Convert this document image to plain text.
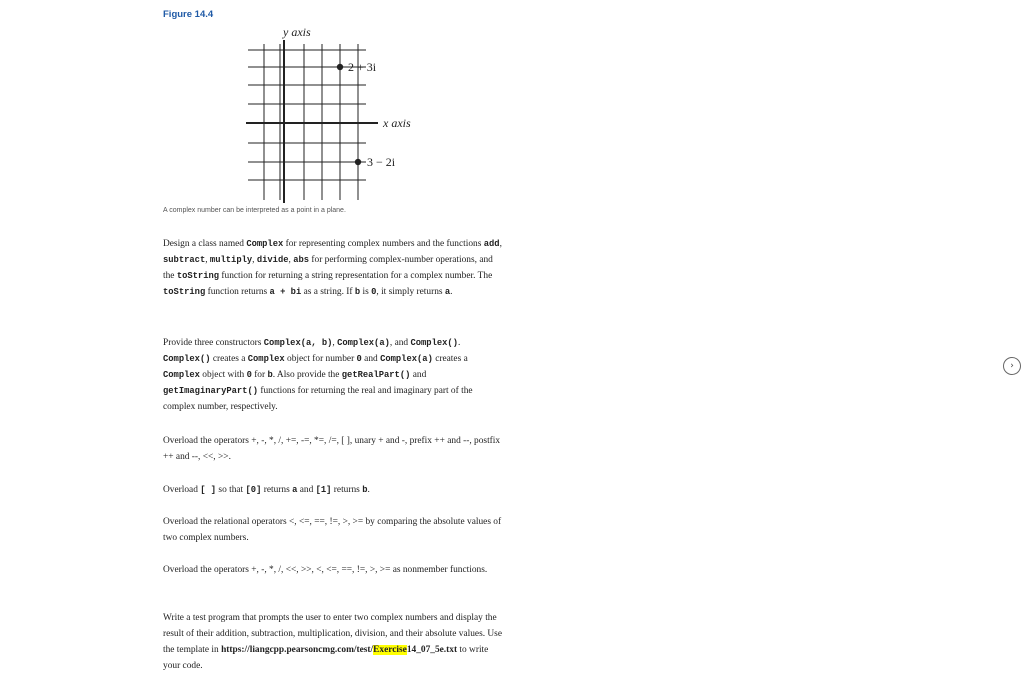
Figure 14.4
y axis
x axis
2 + 3i
3 − 2i
A complex number can be interpreted as a point in a plane.

Design a class named Complex for representing complex numbers and the functions add, subtract, multiply, divide, abs for performing complex-number operations, and the toString function for returning a string representation for a complex number. The toString function returns a + bi as a string. If b is 0, it simply returns a.

Provide three constructors Complex(a, b), Complex(a), and Complex(). Complex() creates a Complex object for number 0 and Complex(a) creates a Complex object with 0 for b. Also provide the getRealPart() and getImaginaryPart() functions for returning the real and imaginary part of the complex number, respectively.

Overload the operators +, -, *, /, +=, -=, *=, /=, [ ], unary + and -, prefix ++ and --, postfix ++ and --, <<, >>.

Overload [ ] so that [0] returns a and [1] returns b.

Overload the relational operators <, <=, ==, !=, >, >= by comparing the absolute values of two complex numbers.

Overload the operators +, -, *, /, <<, >>, <, <=, ==, !=, >, >= as nonmember functions.

Write a test program that prompts the user to enter two complex numbers and display the result of their addition, subtraction, multiplication, division, and their absolute values. Use the template in https://liangcpp.pearsoncmg.com/test/Exercise14_07_5e.txt to write your code.

›
